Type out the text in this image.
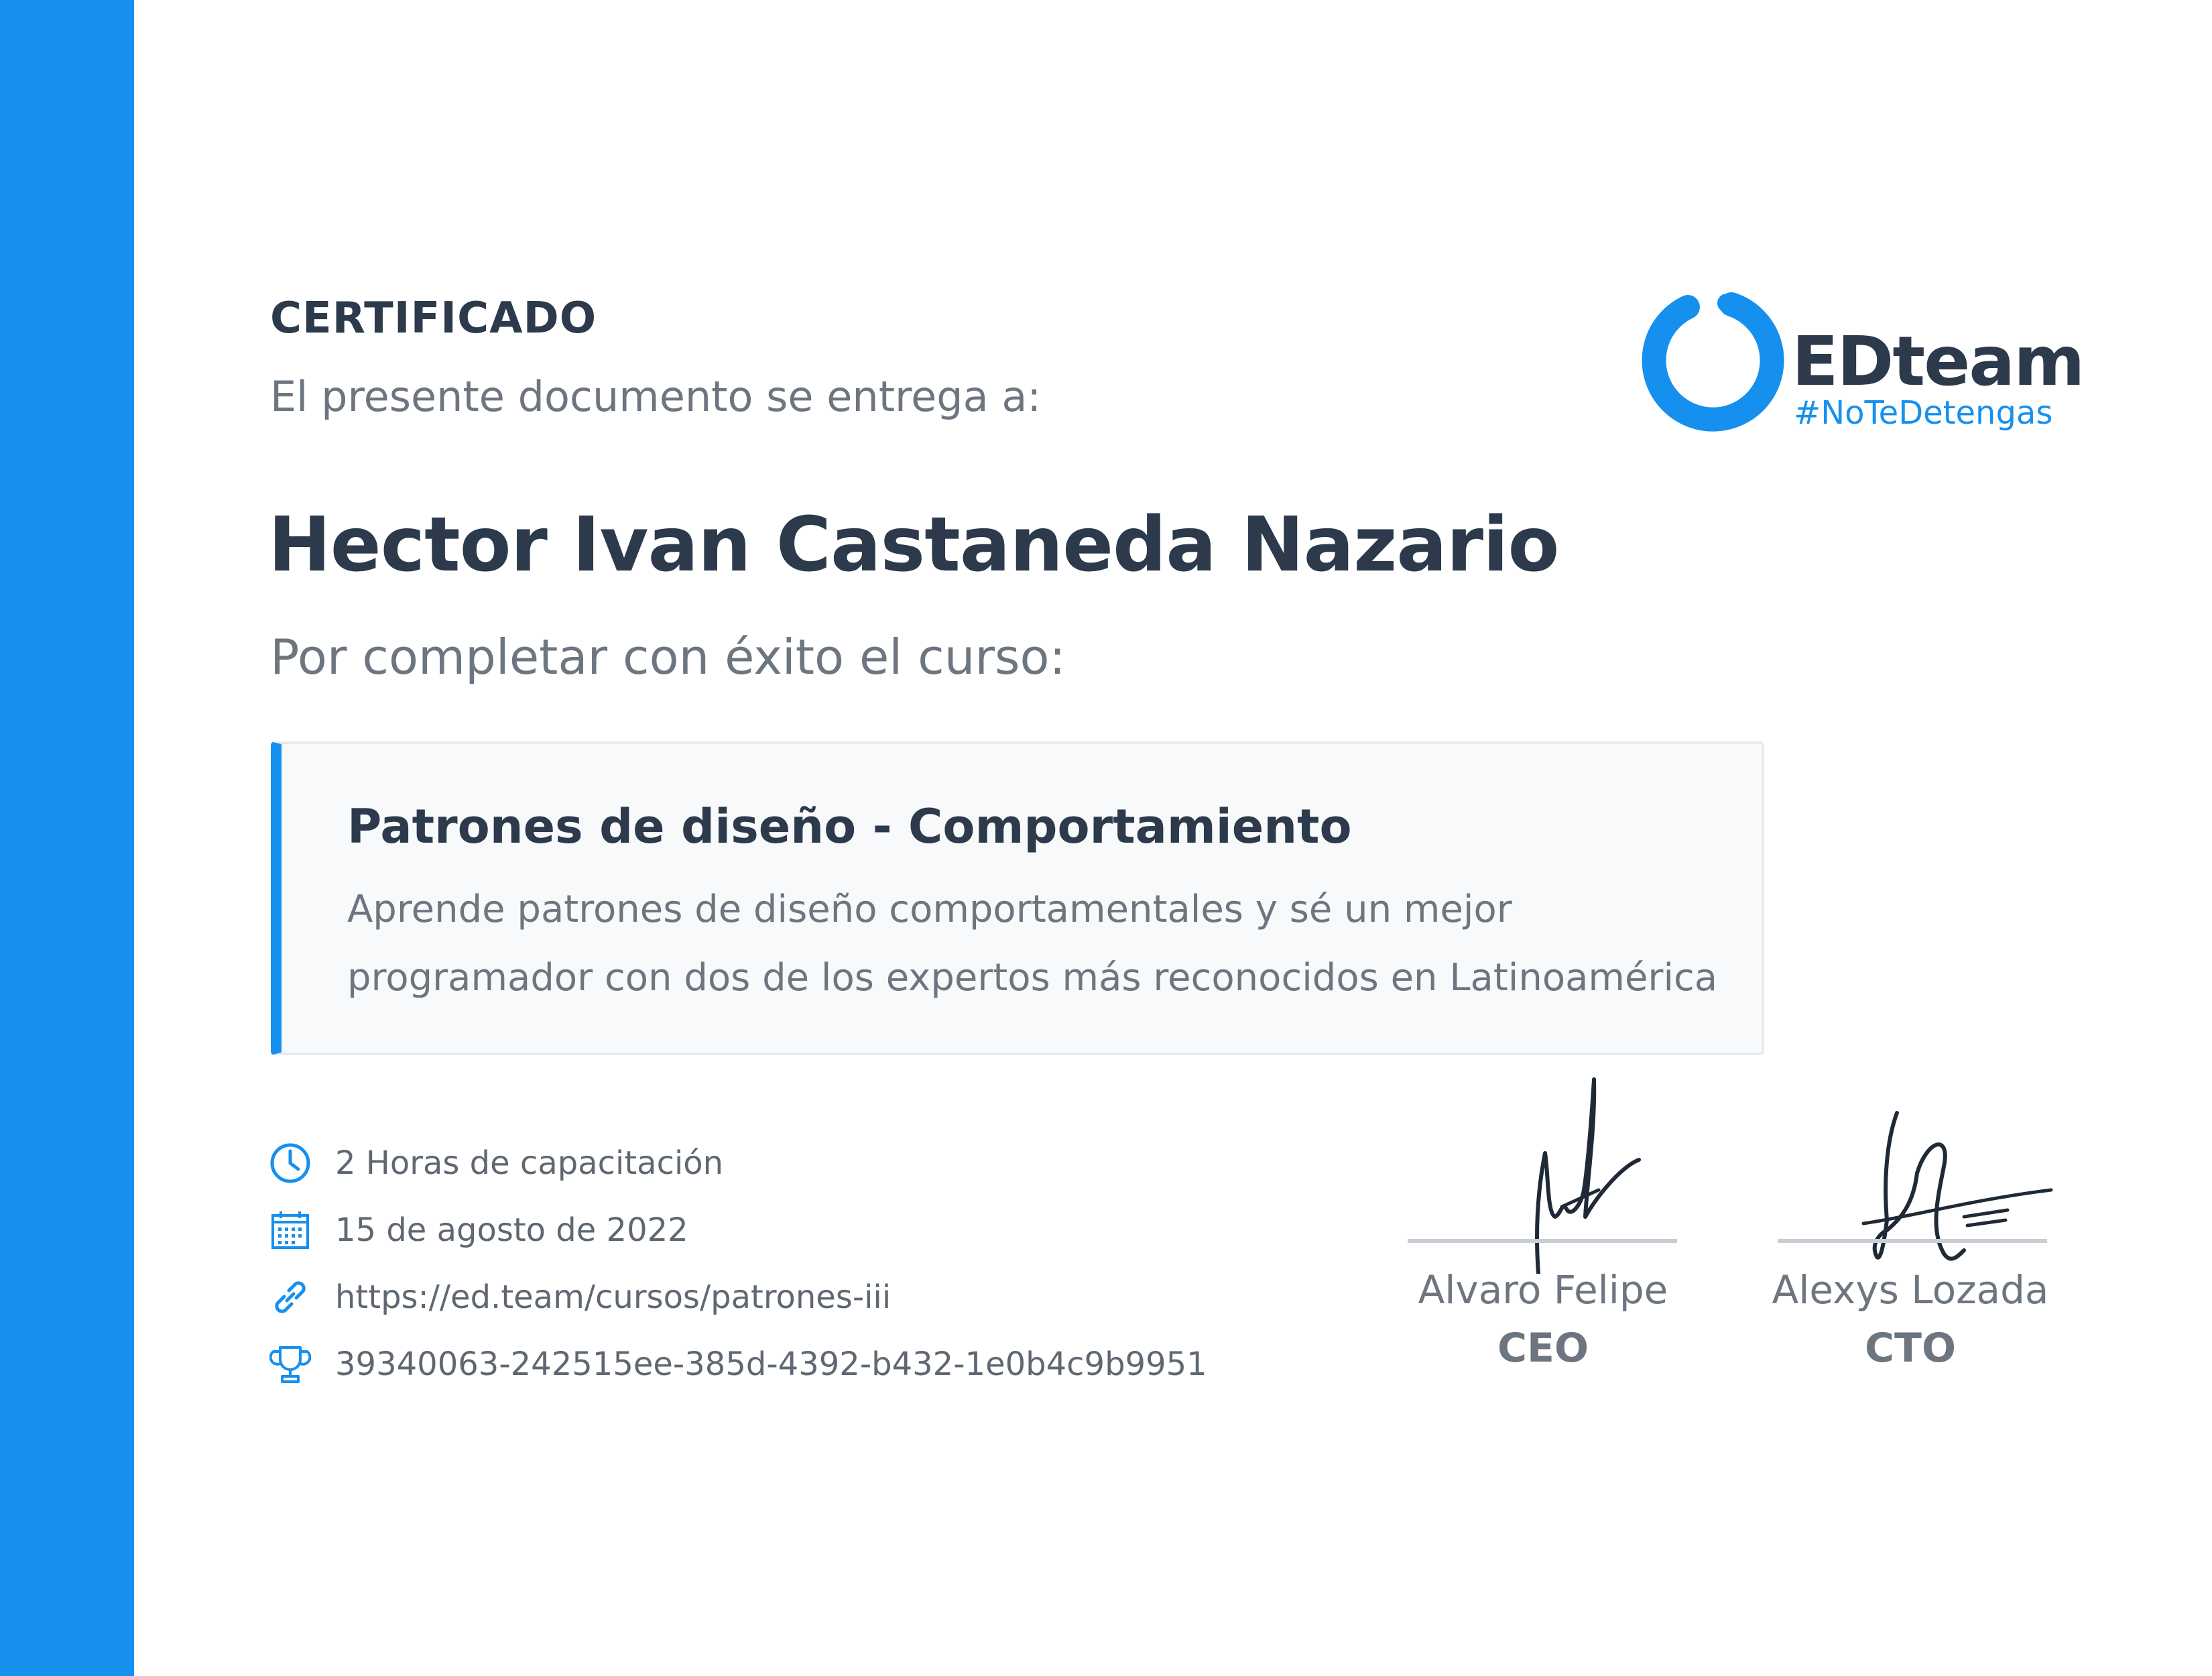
CERTIFICADO
El presente documento se entrega a:
Hector Ivan Castaneda Nazario
Por completar con éxito el curso:
Patrones de diseño - Comportamiento
Aprende patrones de diseño comportamentales y sé un mejor programador con dos de los expertos más reconocidos en Latinoamérica
2 Horas de capacitación
15 de agosto de 2022
https://ed.team/cursos/patrones-iii
39340063-242515ee-385d-4392-b432-1e0b4c9b9951
EDteam
#NoTeDetengas
Alvaro Felipe
CEO
Alexys Lozada
CTO
